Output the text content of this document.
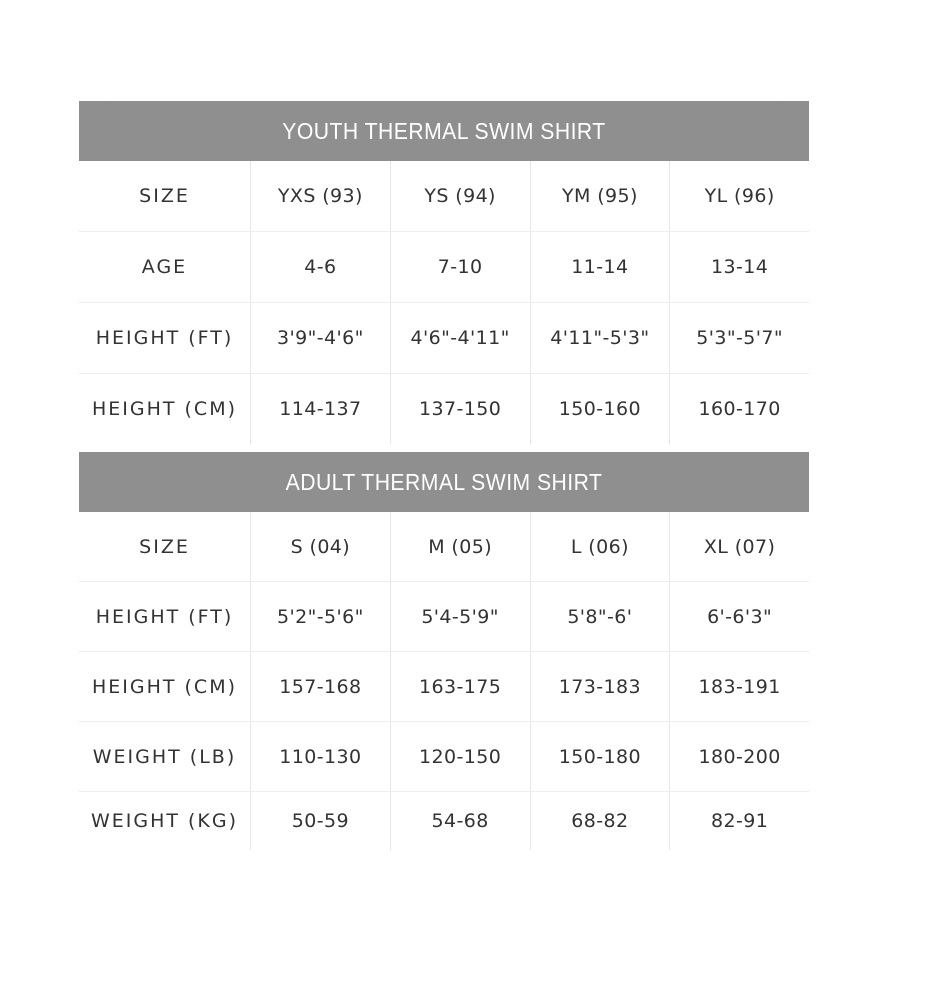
YOUTH THERMAL SWIM SHIRT
SIZE	YXS (93)	YS (94)	YM (95)	YL (96)
AGE	4-6	7-10	11-14	13-14
HEIGHT (FT)	3'9"-4'6"	4'6"-4'11"	4'11"-5'3"	5'3"-5'7"
HEIGHT (CM)	114-137	137-150	150-160	160-170
ADULT THERMAL SWIM SHIRT
SIZE	S (04)	M (05)	L (06)	XL (07)
HEIGHT (FT)	5'2"-5'6"	5'4-5'9"	5'8"-6'	6'-6'3"
HEIGHT (CM)	157-168	163-175	173-183	183-191
WEIGHT (LB)	110-130	120-150	150-180	180-200
WEIGHT (KG)	50-59	54-68	68-82	82-91
